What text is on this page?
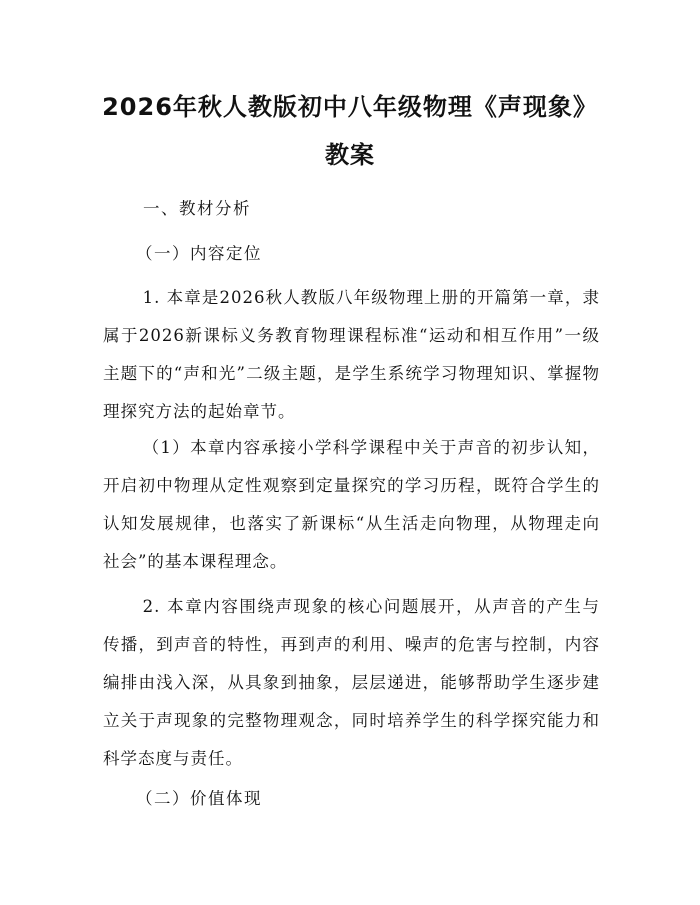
2026年秋人教版初中八年级物理《声现象》
教案
一、教材分析
（一）内容定位
1. 本章是2026秋人教版八年级物理上册的开篇第一章，隶属于2026新课标义务教育物理课程标准“运动和相互作用”一级主题下的“声和光”二级主题，是学生系统学习物理知识、掌握物理探究方法的起始章节。
（1）本章内容承接小学科学课程中关于声音的初步认知，开启初中物理从定性观察到定量探究的学习历程，既符合学生的认知发展规律，也落实了新课标“从生活走向物理，从物理走向社会”的基本课程理念。
2. 本章内容围绕声现象的核心问题展开，从声音的产生与传播，到声音的特性，再到声的利用、噪声的危害与控制，内容编排由浅入深，从具象到抽象，层层递进，能够帮助学生逐步建立关于声现象的完整物理观念，同时培养学生的科学探究能力和科学态度与责任。
（二）价值体现
